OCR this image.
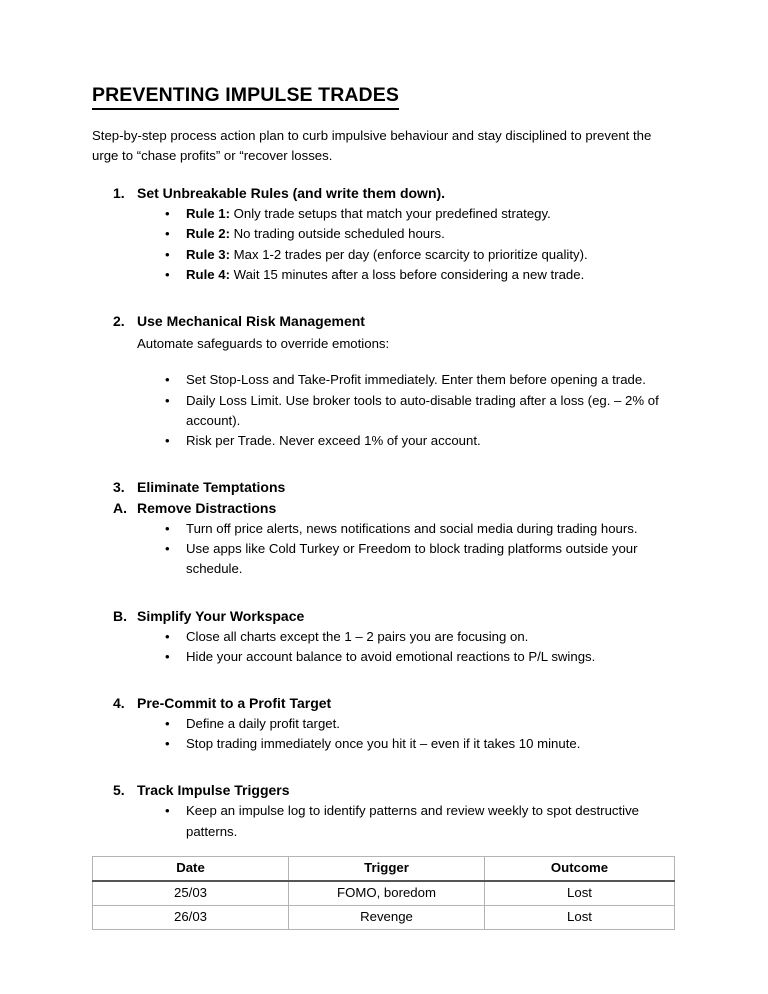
PREVENTING IMPULSE TRADES

Step-by-step process action plan to curb impulsive behaviour and stay disciplined to prevent the urge to “chase profits” or “recover losses.

1. Set Unbreakable Rules (and write them down).
• Rule 1: Only trade setups that match your predefined strategy.
• Rule 2: No trading outside scheduled hours.
• Rule 3: Max 1-2 trades per day (enforce scarcity to prioritize quality).
• Rule 4: Wait 15 minutes after a loss before considering a new trade.
2. Use Mechanical Risk Management

Automate safeguards to override emotions:

• Set Stop-Loss and Take-Profit immediately. Enter them before opening a trade.
• Daily Loss Limit. Use broker tools to auto-disable trading after a loss (eg. – 2% of account).
• Risk per Trade. Never exceed 1% of your account.
3. Eliminate Temptations
A. Remove Distractions
• Turn off price alerts, news notifications and social media during trading hours.
• Use apps like Cold Turkey or Freedom to block trading platforms outside your schedule.
B. Simplify Your Workspace
• Close all charts except the 1 – 2 pairs you are focusing on.
• Hide your account balance to avoid emotional reactions to P/L swings.
4. Pre-Commit to a Profit Target
• Define a daily profit target.
• Stop trading immediately once you hit it – even if it takes 10 minute.
5. Track Impulse Triggers
• Keep an impulse log to identify patterns and review weekly to spot destructive patterns.
Date	Trigger	Outcome
25/03	FOMO, boredom	Lost
26/03	Revenge	Lost
